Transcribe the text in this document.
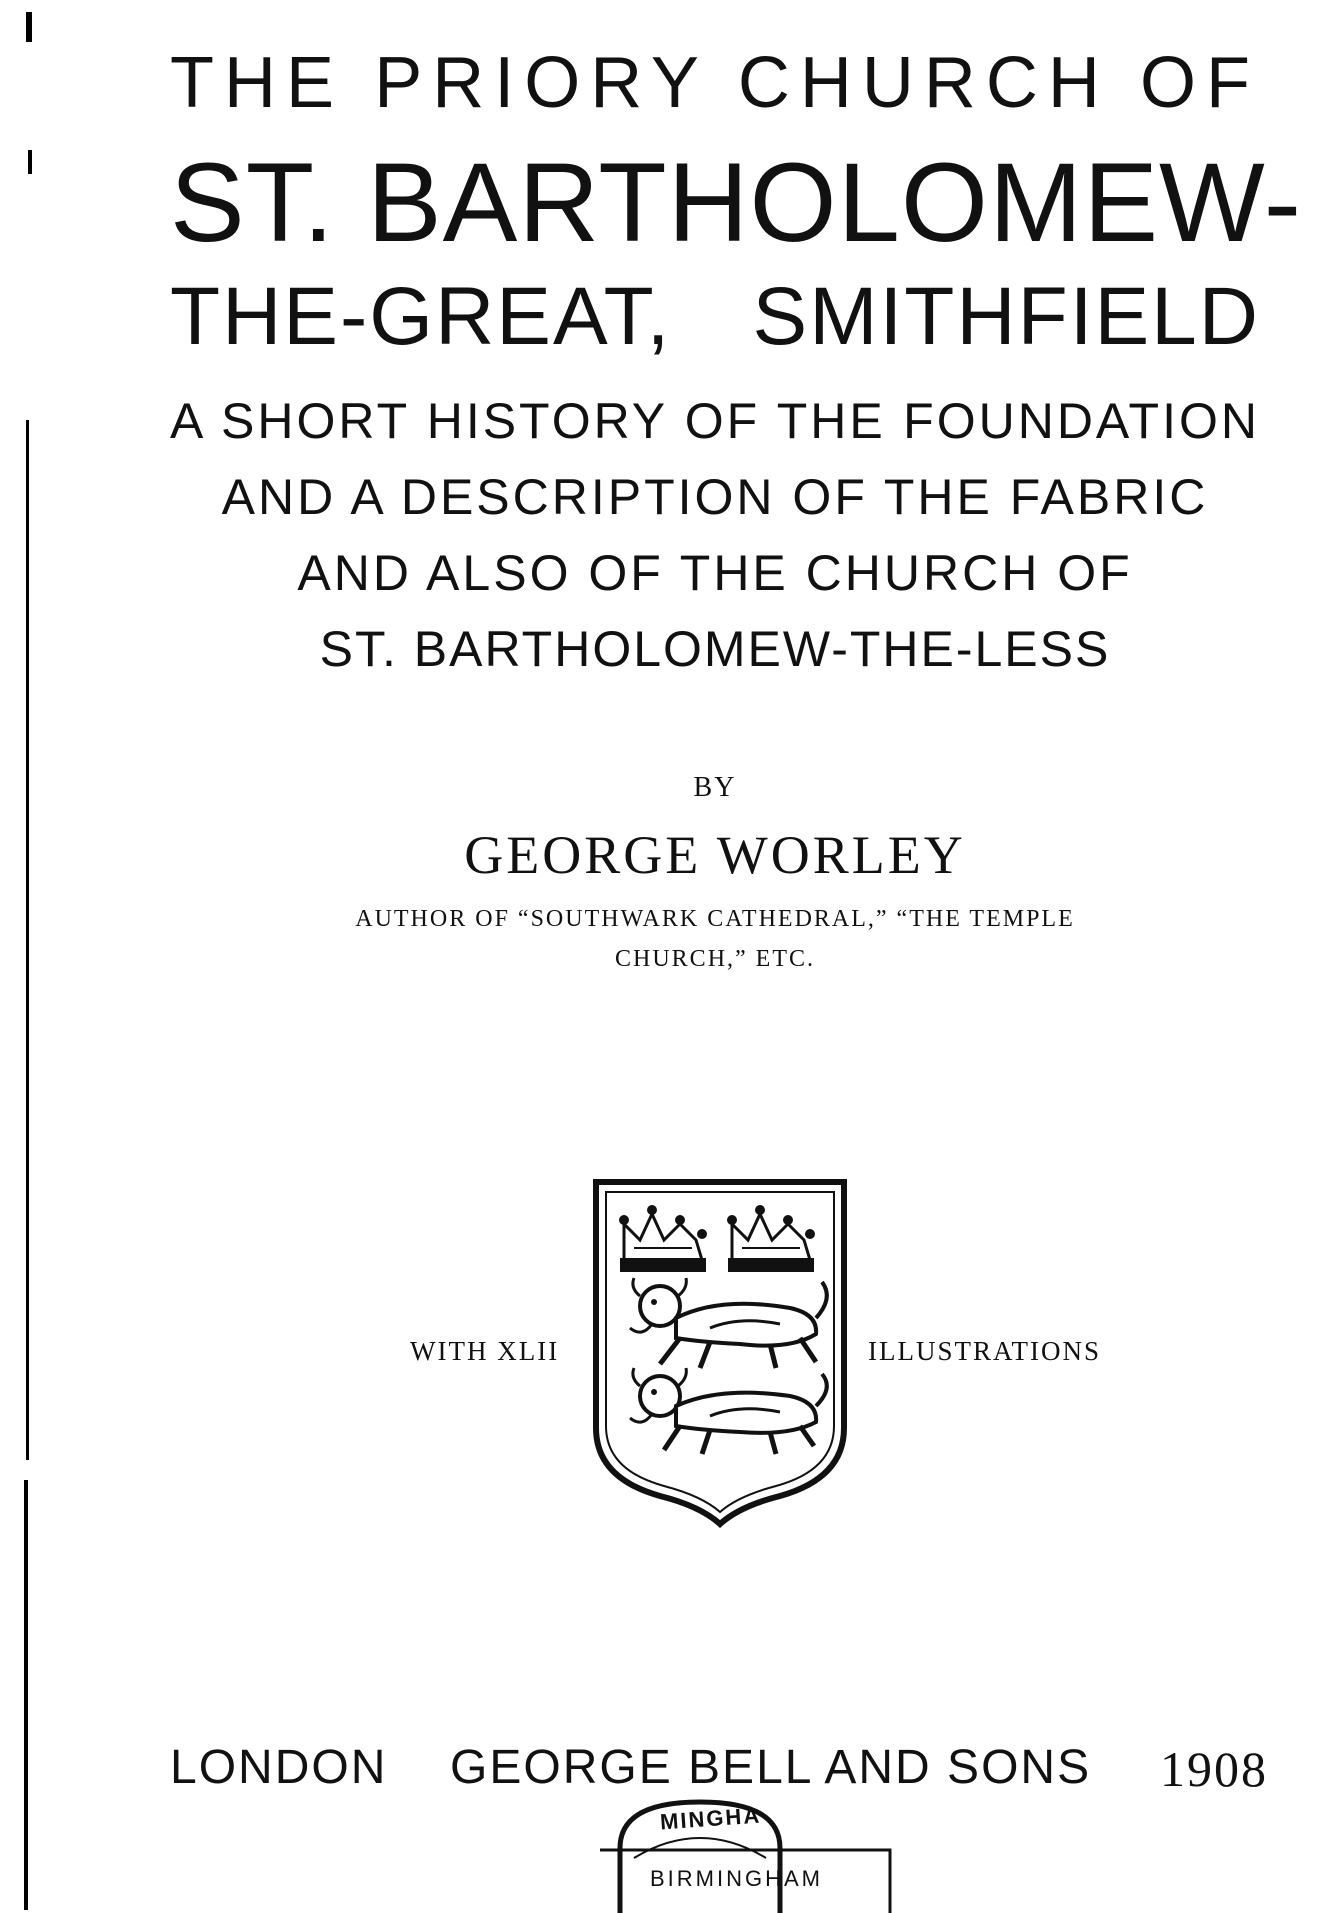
THE PRIORY CHURCH OF
ST. BARTHOLOMEW-
THE-GREAT, SMITHFIELD
A SHORT HISTORY OF THE FOUNDATION
AND A DESCRIPTION OF THE FABRIC
AND ALSO OF THE CHURCH OF
ST. BARTHOLOMEW-THE-LESS
BY
GEORGE WORLEY
AUTHOR OF “SOUTHWARK CATHEDRAL,” “THE TEMPLE
CHURCH,” ETC.
WITH XLII	ILLUSTRATIONS
LONDON GEORGE BELL AND SONS 1908
MINGHA
BIRMINGHAM
